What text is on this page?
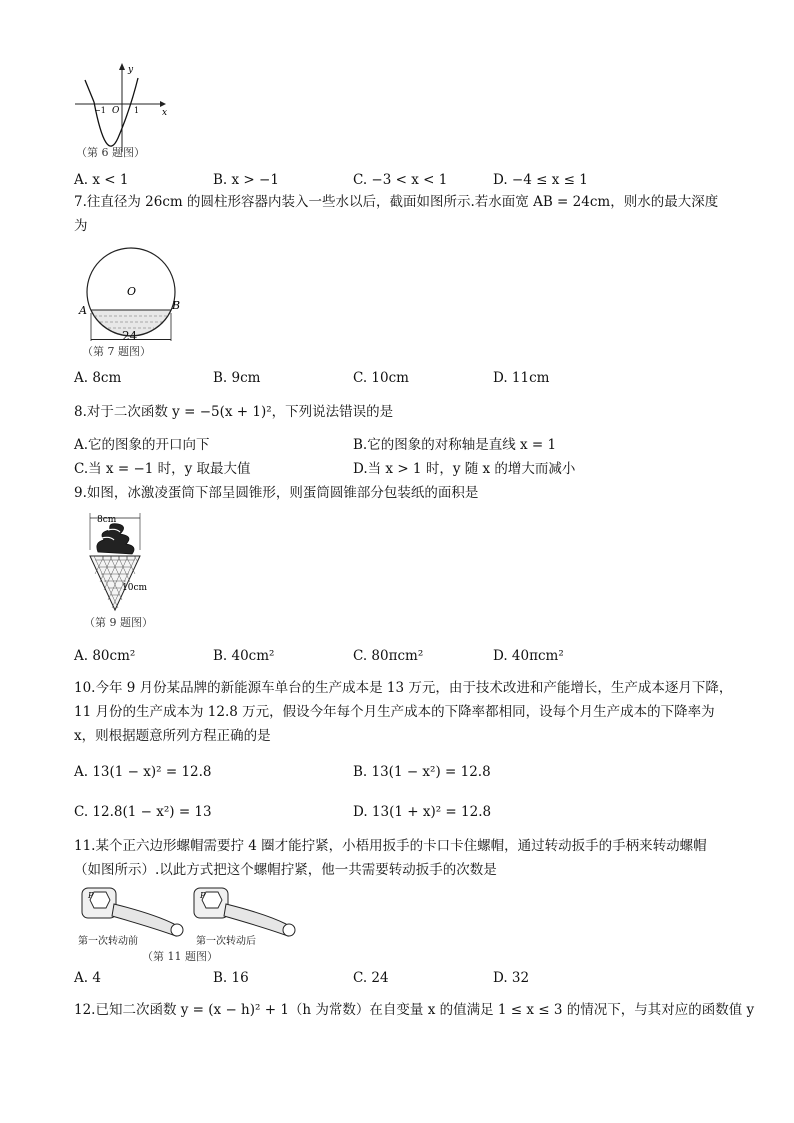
y
x
−1 O 1
（第 6 题图）
A. x < 1	B. x > −1	C. −3 < x < 1	D. −4 ≤ x ≤ 1
7.往直径为 26cm 的圆柱形容器内装入一些水以后，截面如图所示.若水面宽 AB = 24cm，则水的最大深度
为
A	B
O
24
（第 7 题图）
A. 8cm	B. 9cm	C. 10cm	D. 11cm
8.对于二次函数 y = −5(x + 1)²，下列说法错误的是
A.它的图象的开口向下	B.它的图象的对称轴是直线 x = 1
C.当 x = −1 时，y 取最大值	D.当 x > 1 时，y 随 x 的增大而减小
9.如图，冰激凌蛋筒下部呈圆锥形，则蛋筒圆锥部分包装纸的面积是
8cm
10cm
（第 9 题图）
A. 80cm²	B. 40cm²	C. 80πcm²	D. 40πcm²
10.今年 9 月份某品牌的新能源车单台的生产成本是 13 万元，由于技术改进和产能增长，生产成本逐月下降，
11 月份的生产成本为 12.8 万元，假设今年每个月生产成本的下降率都相同，设每个月生产成本的下降率为
x，则根据题意所列方程正确的是
A. 13(1 − x)² = 12.8	B. 13(1 − x²) = 12.8
C. 12.8(1 − x²) = 13	D. 13(1 + x)² = 12.8
11.某个正六边形螺帽需要拧 4 圈才能拧紧，小梧用扳手的卡口卡住螺帽，通过转动扳手的手柄来转动螺帽
（如图所示）.以此方式把这个螺帽拧紧，他一共需要转动扳手的次数是
P	P
第一次转动前	第一次转动后
（第 11 题图）
A. 4	B. 16	C. 24	D. 32
12.已知二次函数 y = (x − h)² + 1（h 为常数）在自变量 x 的值满足 1 ≤ x ≤ 3 的情况下，与其对应的函数值 y
